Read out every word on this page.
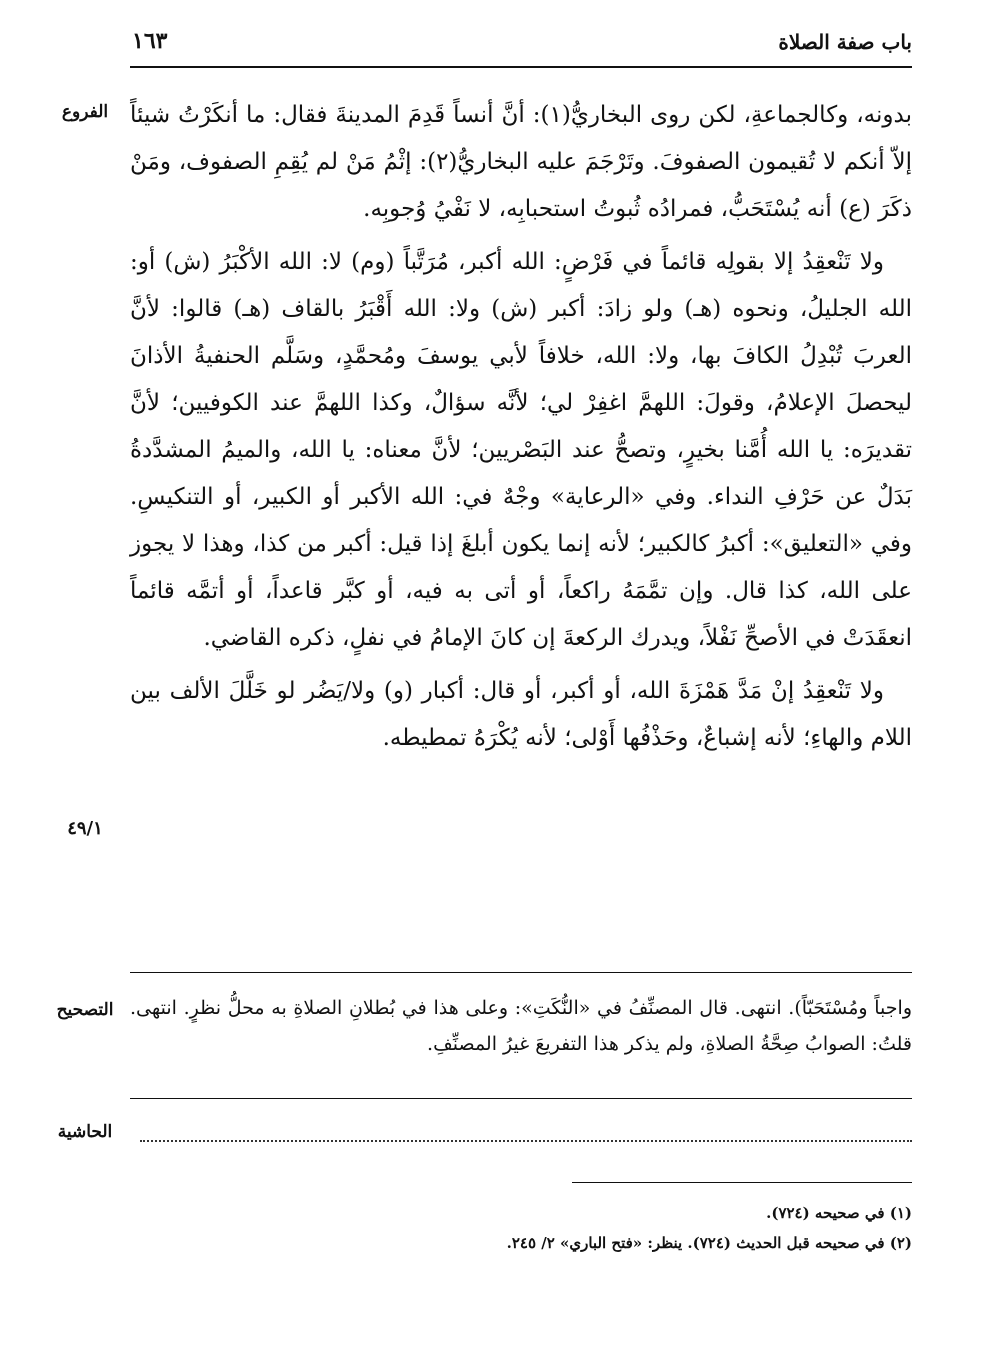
باب صفة الصلاة
١٦٣
الفروع
٤٩/١
التصحيح
الحاشية

بدونه، وكالجماعةِ، لكن روى البخاريُّ(١): أنَّ أنساً قَدِمَ المدينةَ فقال: ما أنكَرْتُ شيئاً إلاّ أنكم لا تُقيمون الصفوفَ. وتَرْجَمَ عليه البخاريُّ(٢): إثْمُ مَنْ لم يُقِمِ الصفوف، ومَنْ ذكَرَ (ع) أنه يُسْتَحَبُّ، فمرادُه ثُبوتُ استحبابِه، لا نَفْيُ وُجوبِه.

ولا تَنْعقِدُ إلا بقولِه قائماً في فَرْضٍ: الله أكبر، مُرَتَّباً (وم) لا: الله الأكْبَرُ (ش) أو: الله الجليلُ، ونحوه (هـ) ولو زادَ: أكبر (ش) ولا: الله أَقْبَرُ بالقاف (هـ) قالوا: لأنَّ العربَ تُبْدِلُ الكافَ بها، ولا: الله، خلافاً لأبي يوسفَ ومُحمَّدٍ، وسَلَّم الحنفيةُ الأذانَ ليحصلَ الإعلامُ، وقولَ: اللهمَّ اغفِرْ لي؛ لأنَّه سؤالٌ، وكذا اللهمَّ عند الكوفيين؛ لأنَّ تقديرَه: يا الله أُمَّنا بخيرٍ، وتصحُّ عند البَصْريين؛ لأنَّ معناه: يا الله، والميمُ المشدَّدةُ بَدَلٌ عن حَرْفِ النداء. وفي «الرعاية» وجْهٌ في: الله الأكبر أو الكبير، أو التنكيسِ. وفي «التعليق»: أكبرُ كالكبير؛ لأنه إنما يكون أبلغَ إذا قيل: أكبر من كذا، وهذا لا يجوز على الله، كذا قال. وإن تمَّمَهُ راكعاً، أو أتى به فيه، أو كبَّر قاعداً، أو أتمَّه قائماً انعقَدَتْ في الأصحِّ نَفْلاً، ويدرك الركعةَ إن كانَ الإمامُ في نفلٍ، ذكره القاضي.

ولا تَنْعقِدُ إنْ مَدَّ هَمْزَةَ الله، أو أكبر، أو قال: أكبار (و) ولا/يَضُر لو خَلَّلَ الألف بين اللام والهاءِ؛ لأنه إشباعٌ، وحَذْفُها أَوْلى؛ لأنه يُكْرَهُ تمطيطه.

واجباً ومُسْتَحَبّاً). انتهى. قال المصنِّفُ في «النُّكَتِ»: وعلى هذا في بُطلانِ الصلاةِ به محلُّ نظرٍ. انتهى. قلتُ: الصوابُ صِحَّةُ الصلاةِ، ولم يذكر هذا التفريعَ غيرُ المصنِّفِ.
(١) في صحيحه (٧٢٤).
(٢) في صحيحه قبل الحديث (٧٢٤). ينظر: «فتح الباري» ٢/ ٢٤٥.
